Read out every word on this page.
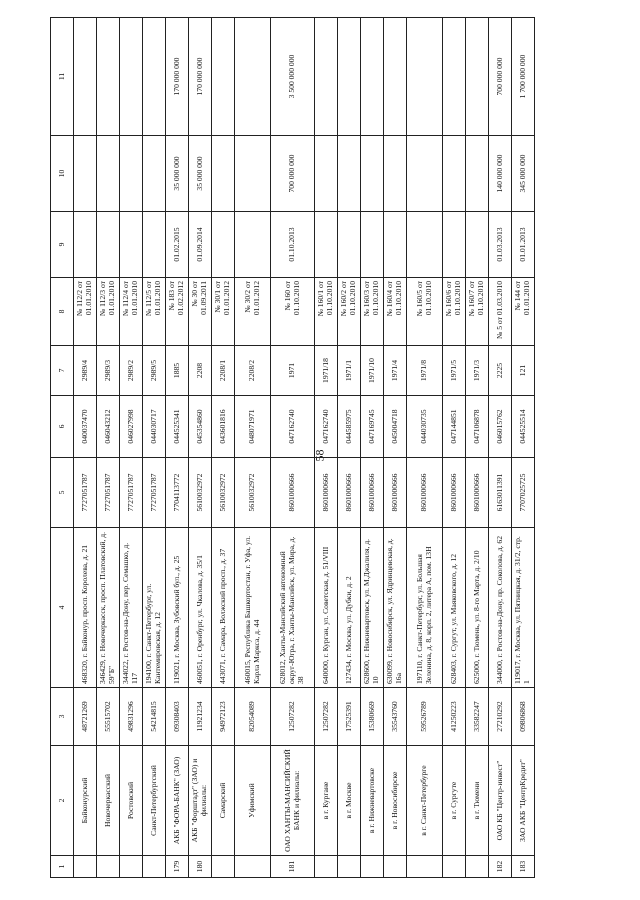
58
1	2	3	4	5	6	7	8	9	10	11
	Байконурский	48721269	468320, г. Байконур, просп. Королева, д. 21	7727051787	040037470	2989/4	№ 112/2 от 01.01.2010			
	Новочеркасский	55515702	346429, г. Новочеркасск, просп. Платовский, д. 59"Б"	7727051787	046043212	2989/3	№ 112/3 от 01.01.2010			
	Ростовский	49831296	344022, г. Ростов-на-Дону, пер. Семашко, д. 117	7727051787	046027998	2989/2	№ 112/4 от 01.01.2010			
	Санкт-Петербургский	54214815	194100, г. Санкт-Петербург, ул. Кантемировская, д. 12	7727051787	044030717	2989/5	№ 112/5 от 01.01.2010			
179	АКБ "ФОРА-БАНК" (ЗАО)	09308403	119021, г. Москва, Зубовский бул., д. 25	7704113772	044525341	1885	№ 183 от 01.02.2012	01.02.2015	35 000 000	170 000 000
180	АКБ "Форштадт" (ЗАО) и филиалы:	11921234	460051, г. Оренбург, ул. Чкалова, д. 35/1	5610032972	045354860	2208	№ 30 от 01.09.2011	01.09.2014	35 000 000	170 000 000
	Самарский	94972123	443071, г. Самара, Волжский просп., д. 37	5610032972	043601816	2208/1	№ 30/1 от 01.01.2012			
	Уфимский	82054089	460015, Республика Башкортостан, г. Уфа, ул. Карла Маркса, д. 44	5610032972	048071971	2208/2	№ 30/2 от 01.01.2012			
181	ОАО ХАНТЫ-МАНСИЙСКИЙ БАНК и филиалы:	12507282	628012, Ханты-Мансийский автономный округ-Югра, г. Ханты-Мансийск, ул. Мира, д. 38	8601000666	047162740	1971	№ 160 от 01.10.2010	01.10.2013	700 000 000	3 500 000 000
	в г. Кургане	12507282	640000, г. Курган, ул. Советская, д. 51/VIII	8601000666	047162740	1971/18	№ 160/1 от 01.10.2010			
	в г. Москве	17525391	127434, г. Москва, ул. Дубки, д. 2	8601000666	044585975	1971/1	№ 160/2 от 01.10.2010			
	в г. Нижневартовске	15380669	628600, г. Нижневартовск, ул. М.Джалиля, д. 10	8601000666	047169745	1971/10	№ 160/3 от 01.10.2010			
	в г. Новосибирске	35543760	630099, г. Новосибирск, ул. Ядринцевская, д. 16а	8601000666	045004718	1971/4	№ 160/4 от 01.10.2010			
	в г. Санкт-Петербурге	59526789	197110, г. Санкт-Петербург, ул. Большая Зеленина, д. 8, корп. 2, литера А, пом. 13Н	8601000666	044030735	1971/8	№ 160/5 от 01.10.2010			
	в г. Сургуте	41250223	628403, г. Сургут, ул. Маяковского, д. 12	8601000666	047144851	1971/5	№ 160/6 от 01.10.2010			
	в г. Тюмени	33582247	625000, г. Тюмень, ул. 8-го Марта, д. 2/10	8601000666	047106878	1971/3	№ 160/7 от 01.10.2010			
182	ОАО КБ "Центр-инвест"	27210292	344000, г. Ростов-на-Дону, пр. Соколова, д. 62	6163011391	046015762	2225	№ 5 от 01.03.2010	01.03.2013	140 000 000	700 000 000
183	ЗАО АКБ "ЦентрКредит"	09806868	119017, г. Москва, ул. Пятницкая, д. 31/2, стр. 1	7707025725	044525514	121	№ 144 от 01.01.2010	01.01.2013	345 000 000	1 700 000 000
